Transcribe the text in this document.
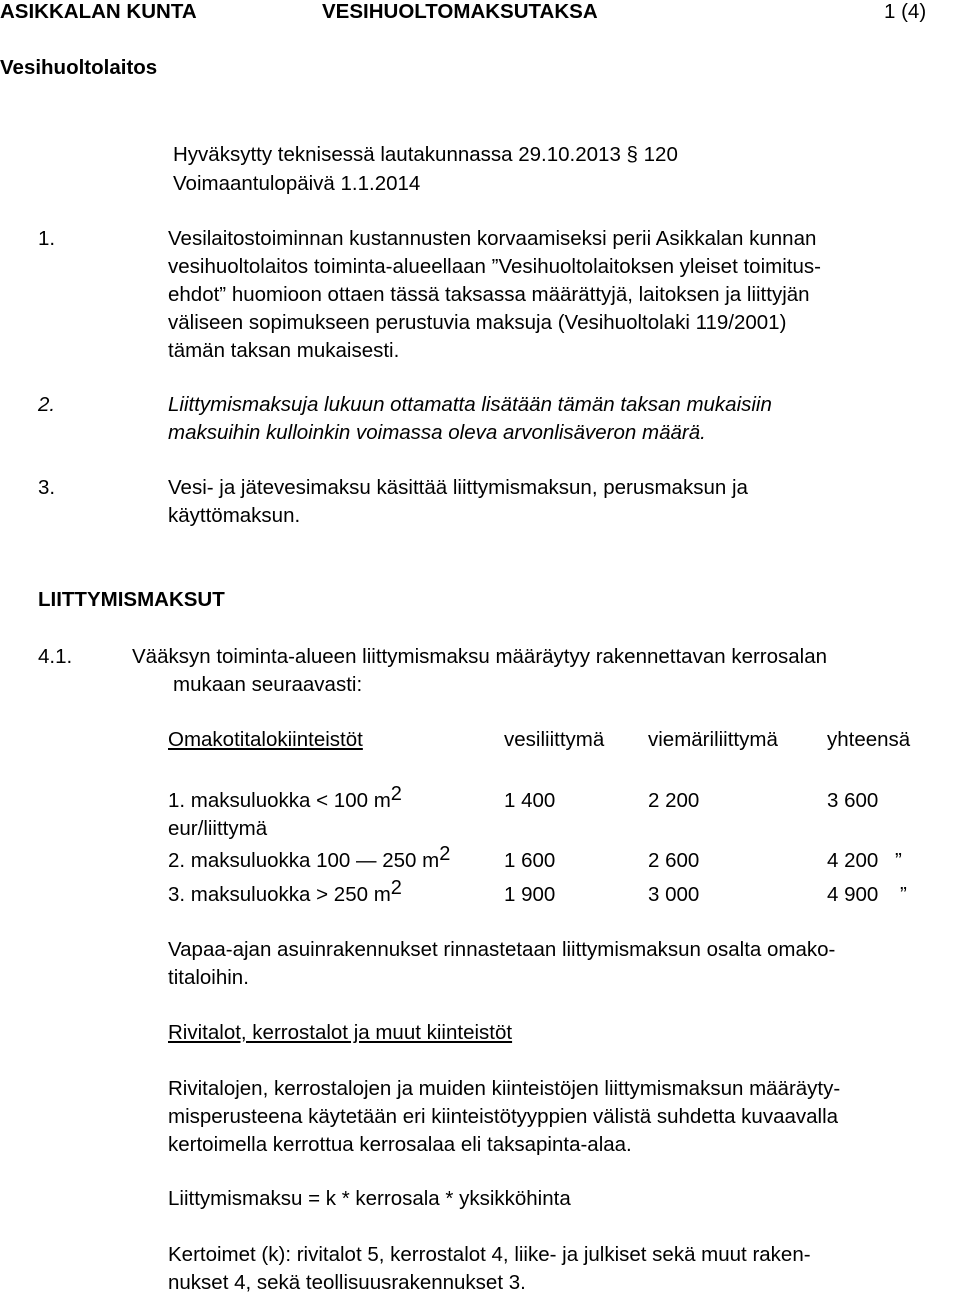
ASIKKALAN KUNTA	VESIHUOLTOMAKSUTAKSA	1 (4)
Vesihuoltolaitos
Hyväksytty teknisessä lautakunnassa 29.10.2013 § 120
Voimaantulopäivä 1.1.2014
1.	Vesilaitostoiminnan kustannusten korvaamiseksi perii Asikkalan kunnan
vesihuoltolaitos toiminta-alueellaan ”Vesihuoltolaitoksen yleiset toimitus-
ehdot” huomioon ottaen tässä taksassa määrättyjä, laitoksen ja liittyjän
väliseen sopimukseen perustuvia maksuja (Vesihuoltolaki 119/2001)
tämän taksan mukaisesti.
2.	Liittymismaksuja lukuun ottamatta lisätään tämän taksan mukaisiin
maksuihin kulloinkin voimassa oleva arvonlisäveron määrä.
3.	Vesi- ja jätevesimaksu käsittää liittymismaksun, perusmaksun ja
käyttömaksun.
LIITTYMISMAKSUT
4.1.	Vääksyn toiminta-alueen liittymismaksu määräytyy rakennettavan kerrosalan
mukaan seuraavasti:
Omakotitalokiinteistöt	vesiliittymä viemäriliittymä yhteensä
1. maksuluokka < 100 $m^2$	1 400	2 200	3 600
eur/liittymä
2. maksuluokka 100 — 250 $m^2$	1 600	2 600	4 200 ”
3. maksuluokka > 250 $m^2$	1 900	3 000	4 900 ”
Vapaa-ajan asuinrakennukset rinnastetaan liittymismaksun osalta omako-
titaloihin.
Rivitalot, kerrostalot ja muut kiinteistöt
Rivitalojen, kerrostalojen ja muiden kiinteistöjen liittymismaksun määräyty-
misperusteena käytetään eri kiinteistötyyppien välistä suhdetta kuvaavalla
kertoimella kerrottua kerrosalaa eli taksapinta-alaa.
Liittymismaksu = k * kerrosala * yksikköhinta
Kertoimet (k): rivitalot 5, kerrostalot 4, liike- ja julkiset sekä muut raken-
nukset 4, sekä teollisuusrakennukset 3.
